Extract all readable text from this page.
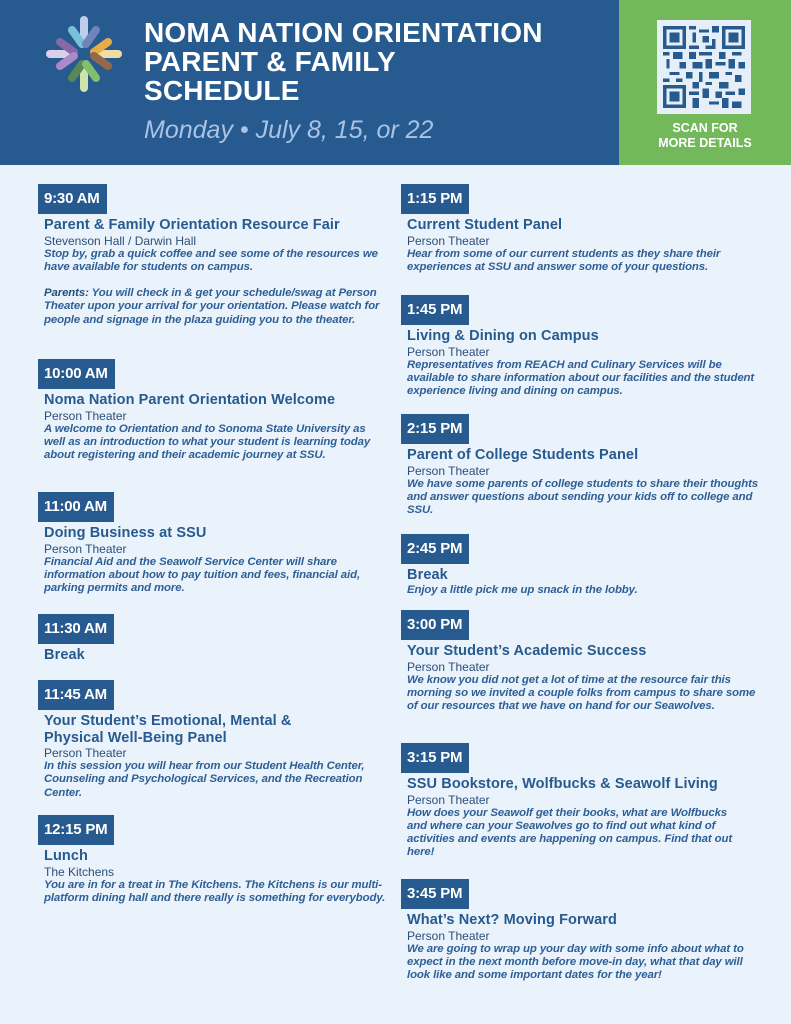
NOMA NATION ORIENTATION
PARENT & FAMILY
SCHEDULE
Monday • July 8, 15, or 22	SCAN FOR
MORE DETAILS
9:30 AM
Parent & Family Orientation Resource Fair
Stevenson Hall / Darwin Hall
Stop by, grab a quick coffee and see some of the resources we have available for students on campus.
Parents: You will check in & get your schedule/swag at Person Theater upon your arrival for your orientation. Please watch for people and signage in the plaza guiding you to the theater.
10:00 AM
Noma Nation Parent Orientation Welcome
Person Theater
A welcome to Orientation and to Sonoma State University as well as an introduction to what your student is learning today about registering and their academic journey at SSU.
11:00 AM
Doing Business at SSU
Person Theater
Financial Aid and the Seawolf Service Center will share information about how to pay tuition and fees, financial aid, parking permits and more.
11:30 AM
Break
11:45 AM
Your Student’s Emotional, Mental & Physical Well-Being Panel
Person Theater
In this session you will hear from our Student Health Center, Counseling and Psychological Services, and the Recreation Center.
12:15 PM
Lunch
The Kitchens
You are in for a treat in The Kitchens. The Kitchens is our multi-platform dining hall and there really is something for everybody.
1:15 PM
Current Student Panel
Person Theater
Hear from some of our current students as they share their experiences at SSU and answer some of your questions.
1:45 PM
Living & Dining on Campus
Person Theater
Representatives from REACH and Culinary Services will be available to share information about our facilities and the student experience living and dining on campus.
2:15 PM
Parent of College Students Panel
Person Theater
We have some parents of college students to share their thoughts and answer questions about sending your kids off to college and SSU.
2:45 PM
Break
Enjoy a little pick me up snack in the lobby.
3:00 PM
Your Student’s Academic Success
Person Theater
We know you did not get a lot of time at the resource fair this morning so we invited a couple folks from campus to share some of our resources that we have on hand for our Seawolves.
3:15 PM
SSU Bookstore, Wolfbucks & Seawolf Living
Person Theater
How does your Seawolf get their books, what are Wolfbucks and where can your Seawolves go to find out what kind of activities and events are happening on campus. Find that out here!
3:45 PM
What’s Next? Moving Forward
Person Theater
We are going to wrap up your day with some info about what to expect in the next month before move-in day, what that day will look like and some important dates for the year!
